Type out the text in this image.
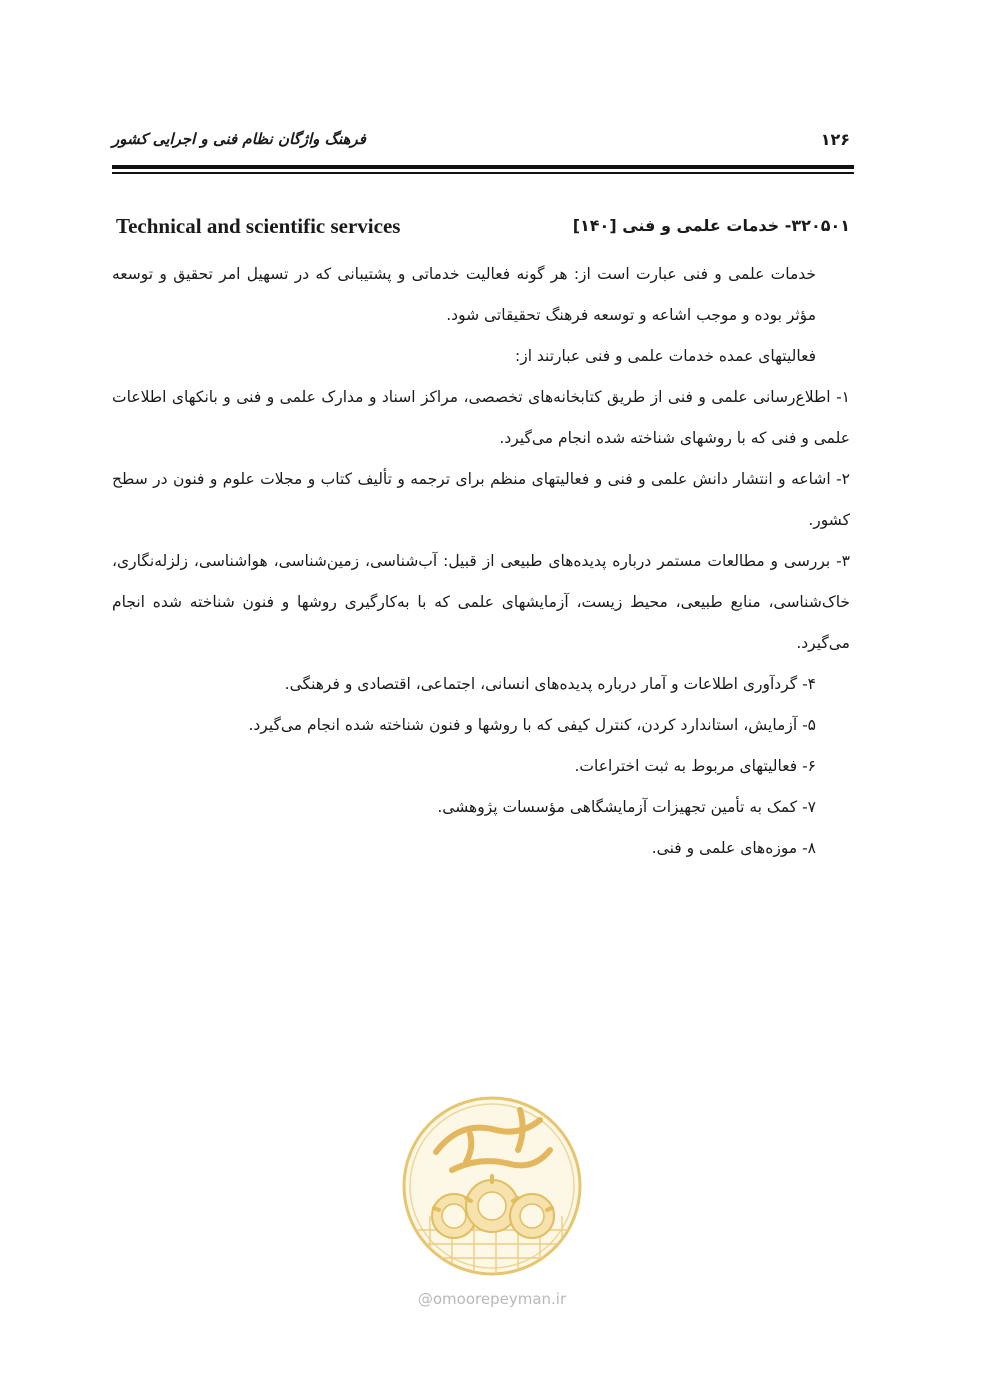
۱۲۶
فرهنگ واژگان نظام فنی و اجرایی کشور
۳۲۰۵۰۱- خدمات علمی و فنی [۱۴۰]
Technical and scientific services

خدمات علمی و فنی عبارت است از: هر گونه فعالیت خدماتی و پشتیبانی که در تسهیل امر تحقیق و توسعه مؤثر بوده و موجب اشاعه و توسعه فرهنگ تحقیقاتی شود.

فعالیتهای عمده خدمات علمی و فنی عبارتند از:

۱- اطلاع‌رسانی علمی و فنی از طریق کتابخانه‌های تخصصی، مراکز اسناد و مدارک علمی و فنی و بانکهای اطلاعات علمی و فنی که با روشهای شناخته شده انجام می‌گیرد.

۲- اشاعه و انتشار دانش علمی و فنی و فعالیتهای منظم برای ترجمه و تألیف کتاب و مجلات علوم و فنون در سطح کشور.

۳- بررسی و مطالعات مستمر درباره پدیده‌های طبیعی از قبیل: آب‌شناسی، زمین‌شناسی، هواشناسی، زلزله‌نگاری، خاک‌شناسی، منابع طبیعی، محیط زیست، آزمایشهای علمی که با به‌کارگیری روشها و فنون شناخته شده انجام می‌گیرد.

۴- گردآوری اطلاعات و آمار درباره پدیده‌های انسانی، اجتماعی، اقتصادی و فرهنگی.

۵- آزمایش، استاندارد کردن، کنترل کیفی که با روشها و فنون شناخته شده انجام می‌گیرد.

۶- فعالیتهای مربوط به ثبت اختراعات.

۷- کمک به تأمین تجهیزات آزمایشگاهی مؤسسات پژوهشی.

۸- موزه‌های علمی و فنی.

@omoorepeyman.ir
